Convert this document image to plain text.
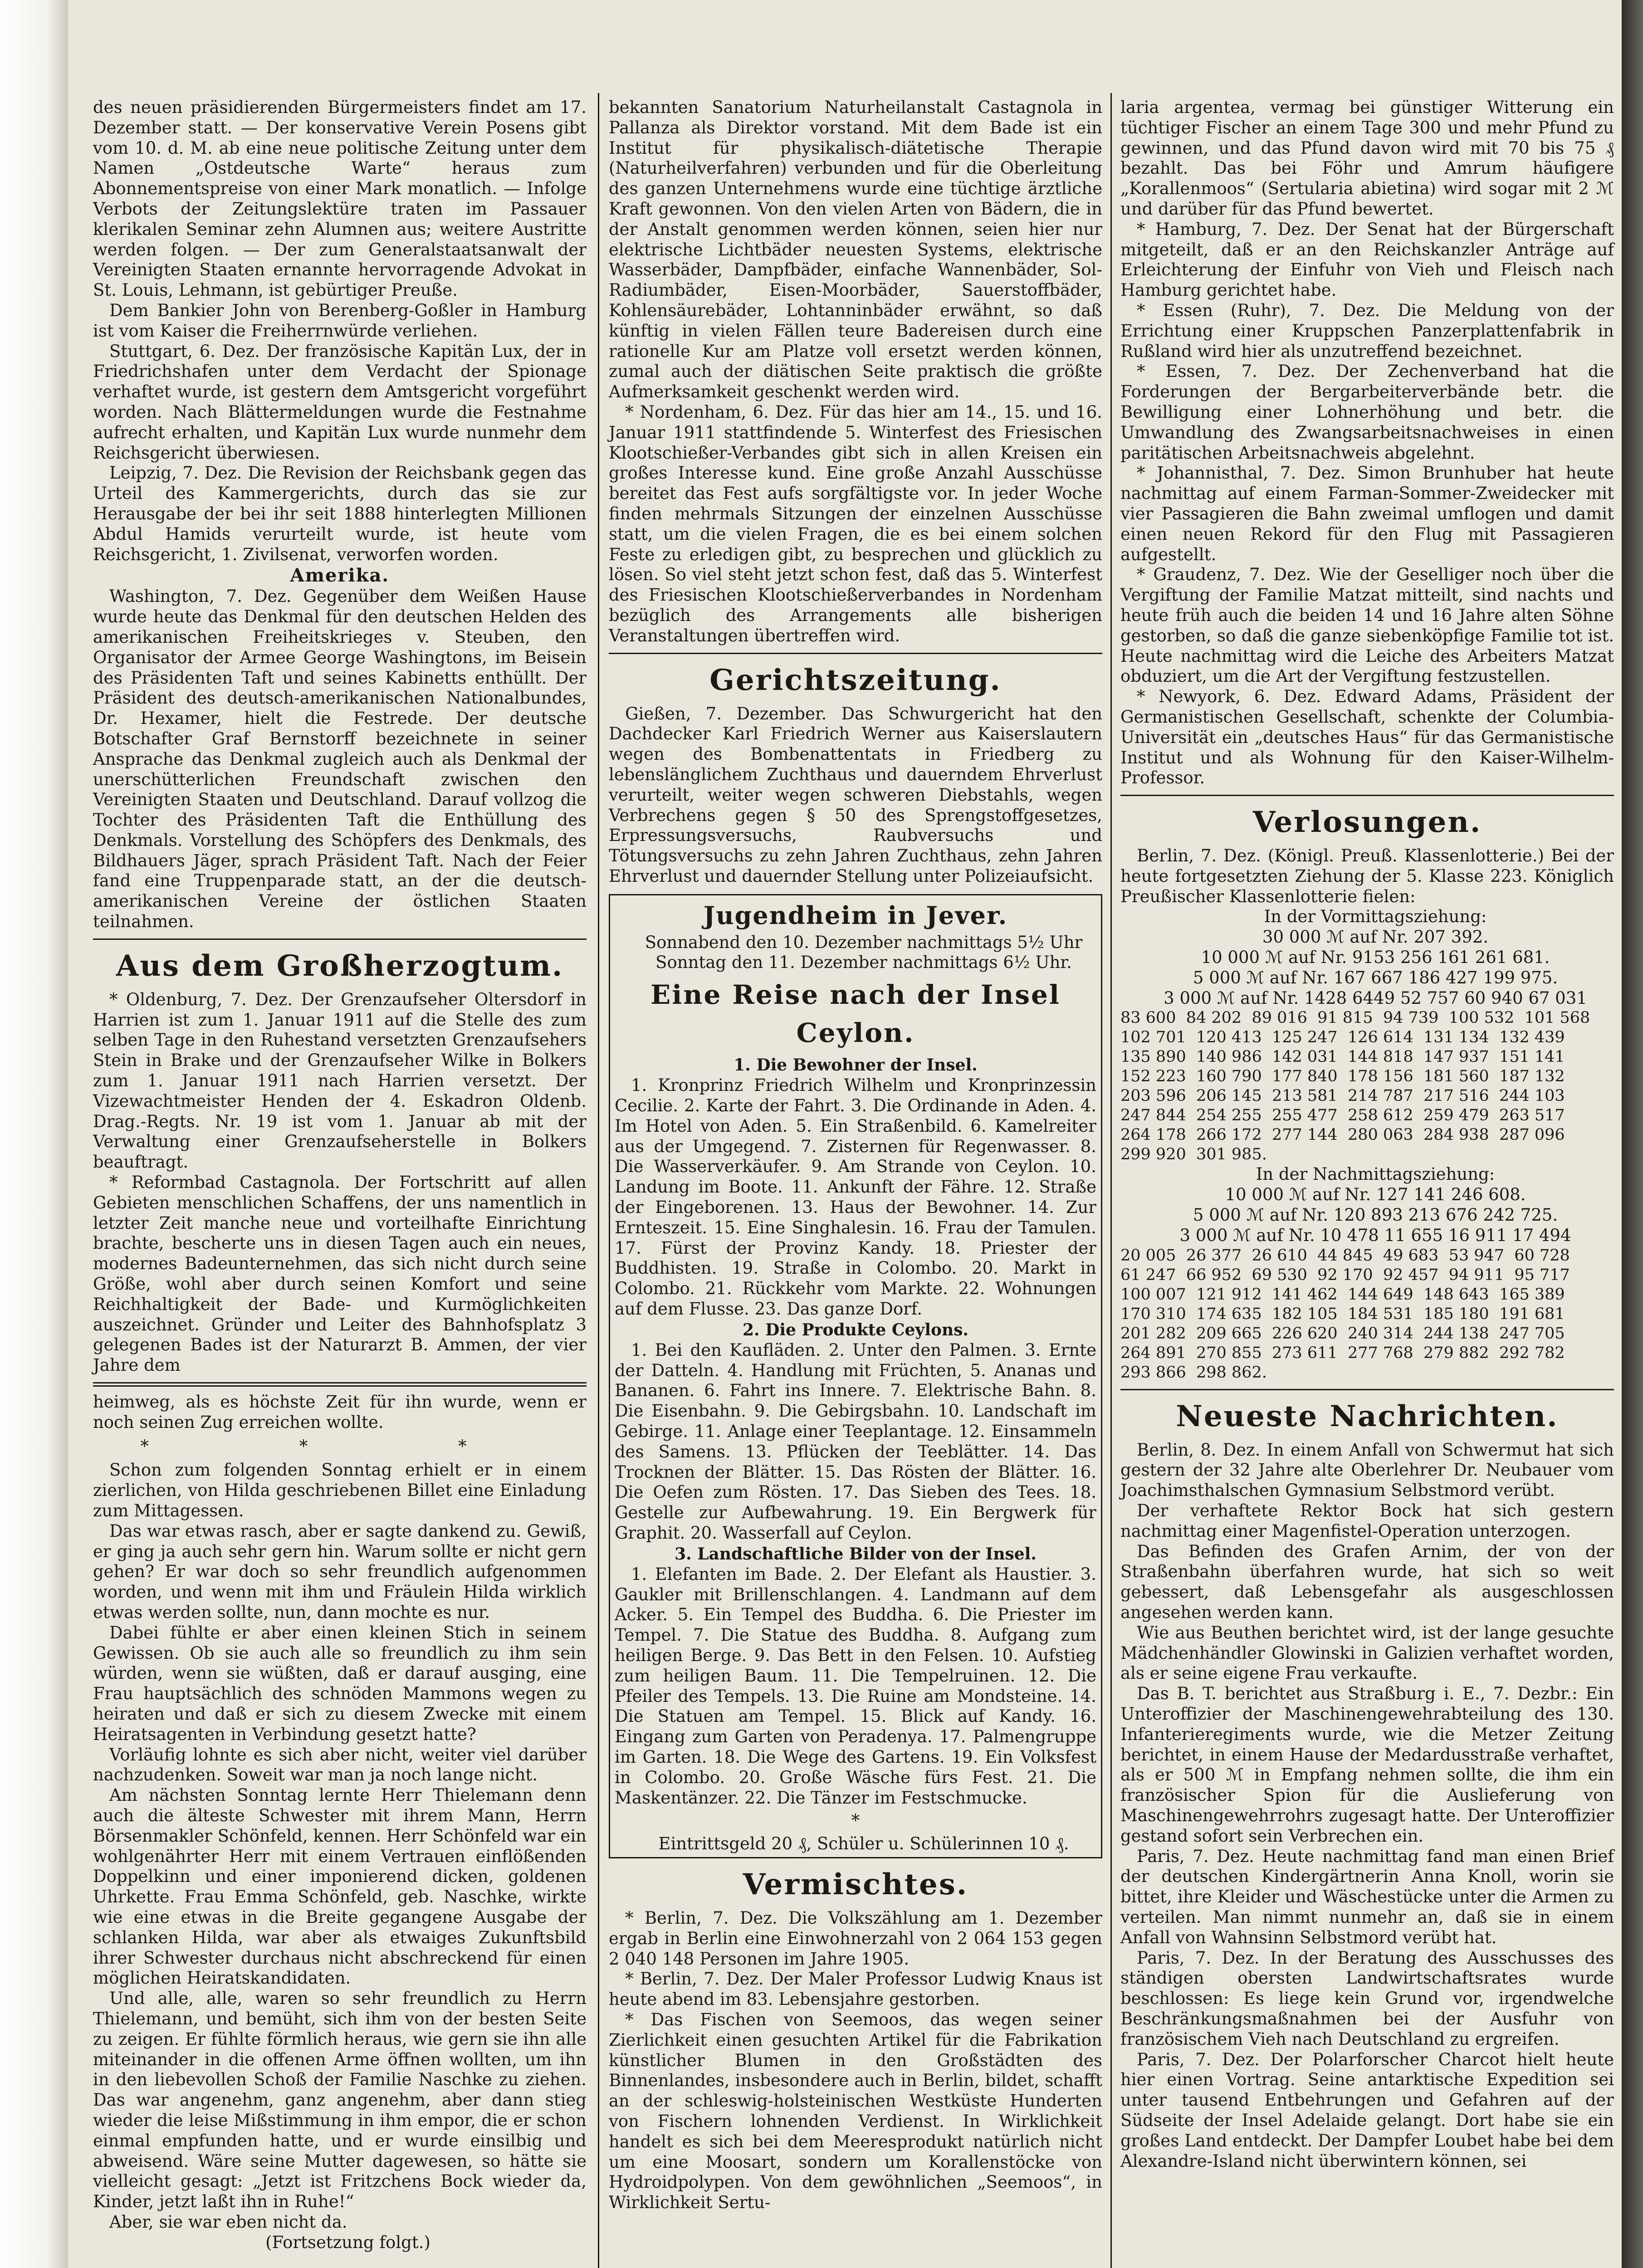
des neuen präsidierenden Bürgermeisters findet am 17. Dezember statt. — Der konservative Verein Posens gibt vom 10. d. M. ab eine neue politische Zeitung unter dem Namen „Ostdeutsche Warte“ heraus zum Abonnementspreise von einer Mark monatlich. — Infolge Verbots der Zeitungslektüre traten im Passauer klerikalen Seminar zehn Alumnen aus; weitere Austritte werden folgen. — Der zum Generalstaatsanwalt der Vereinigten Staaten ernannte hervorragende Advokat in St. Louis, Lehmann, ist gebürtiger Preuße.

Dem Bankier John von Berenberg-Goßler in Hamburg ist vom Kaiser die Freiherrnwürde verliehen.

Stuttgart, 6. Dez. Der französische Kapitän Lux, der in Friedrichshafen unter dem Verdacht der Spionage verhaftet wurde, ist gestern dem Amtsgericht vorgeführt worden. Nach Blättermeldungen wurde die Festnahme aufrecht erhalten, und Kapitän Lux wurde nunmehr dem Reichsgericht überwiesen.

Leipzig, 7. Dez. Die Revision der Reichsbank gegen das Urteil des Kammergerichts, durch das sie zur Herausgabe der bei ihr seit 1888 hinterlegten Millionen Abdul Hamids verurteilt wurde, ist heute vom Reichsgericht, 1. Zivilsenat, verworfen worden.

Amerika.

Washington, 7. Dez. Gegenüber dem Weißen Hause wurde heute das Denkmal für den deutschen Helden des amerikanischen Freiheitskrieges v. Steuben, den Organisator der Armee George Washingtons, im Beisein des Präsidenten Taft und seines Kabinetts enthüllt. Der Präsident des deutsch-amerikanischen Nationalbundes, Dr. Hexamer, hielt die Festrede. Der deutsche Botschafter Graf Bernstorff bezeichnete in seiner Ansprache das Denkmal zugleich auch als Denkmal der unerschütterlichen Freundschaft zwischen den Vereinigten Staaten und Deutschland. Darauf vollzog die Tochter des Präsidenten Taft die Enthüllung des Denkmals. Vorstellung des Schöpfers des Denkmals, des Bildhauers Jäger, sprach Präsident Taft. Nach der Feier fand eine Truppenparade statt, an der die deutsch-amerikanischen Vereine der östlichen Staaten teilnahmen.

Aus dem Großherzogtum.

* Oldenburg, 7. Dez. Der Grenzaufseher Oltersdorf in Harrien ist zum 1. Januar 1911 auf die Stelle des zum selben Tage in den Ruhestand versetzten Grenzaufsehers Stein in Brake und der Grenzaufseher Wilke in Bolkers zum 1. Januar 1911 nach Harrien versetzt. Der Vizewachtmeister Henden der 4. Eskadron Oldenb. Drag.-Regts. Nr. 19 ist vom 1. Januar ab mit der Verwaltung einer Grenzaufseherstelle in Bolkers beauftragt.

* Reformbad Castagnola. Der Fortschritt auf allen Gebieten menschlichen Schaffens, der uns namentlich in letzter Zeit manche neue und vorteilhafte Einrichtung brachte, bescherte uns in diesen Tagen auch ein neues, modernes Badeunternehmen, das sich nicht durch seine Größe, wohl aber durch seinen Komfort und seine Reichhaltigkeit der Bade- und Kurmöglichkeiten auszeichnet. Gründer und Leiter des Bahnhofsplatz 3 gelegenen Bades ist der Naturarzt B. Ammen, der vier Jahre dem

heimweg, als es höchste Zeit für ihn wurde, wenn er noch seinen Zug erreichen wollte.

* * *

Schon zum folgenden Sonntag erhielt er in einem zierlichen, von Hilda geschriebenen Billet eine Einladung zum Mittagessen.

Das war etwas rasch, aber er sagte dankend zu. Gewiß, er ging ja auch sehr gern hin. Warum sollte er nicht gern gehen? Er war doch so sehr freundlich aufgenommen worden, und wenn mit ihm und Fräulein Hilda wirklich etwas werden sollte, nun, dann mochte es nur.

Dabei fühlte er aber einen kleinen Stich in seinem Gewissen. Ob sie auch alle so freundlich zu ihm sein würden, wenn sie wüßten, daß er darauf ausging, eine Frau hauptsächlich des schnöden Mammons wegen zu heiraten und daß er sich zu diesem Zwecke mit einem Heiratsagenten in Verbindung gesetzt hatte?

Vorläufig lohnte es sich aber nicht, weiter viel darüber nachzudenken. Soweit war man ja noch lange nicht.

Am nächsten Sonntag lernte Herr Thielemann denn auch die älteste Schwester mit ihrem Mann, Herrn Börsenmakler Schönfeld, kennen. Herr Schönfeld war ein wohlgenährter Herr mit einem Vertrauen einflößenden Doppelkinn und einer imponierend dicken, goldenen Uhrkette. Frau Emma Schönfeld, geb. Naschke, wirkte wie eine etwas in die Breite gegangene Ausgabe der schlanken Hilda, war aber als etwaiges Zukunftsbild ihrer Schwester durchaus nicht abschreckend für einen möglichen Heiratskandidaten.

Und alle, alle, waren so sehr freundlich zu Herrn Thielemann, und bemüht, sich ihm von der besten Seite zu zeigen. Er fühlte förmlich heraus, wie gern sie ihn alle miteinander in die offenen Arme öffnen wollten, um ihn in den liebevollen Schoß der Familie Naschke zu ziehen. Das war angenehm, ganz angenehm, aber dann stieg wieder die leise Mißstimmung in ihm empor, die er schon einmal empfunden hatte, und er wurde einsilbig und abweisend. Wäre seine Mutter dagewesen, so hätte sie vielleicht gesagt: „Jetzt ist Fritzchens Bock wieder da, Kinder, jetzt laßt ihn in Ruhe!“

Aber, sie war eben nicht da.

(Fortsetzung folgt.)

bekannten Sanatorium Naturheilanstalt Castagnola in Pallanza als Direktor vorstand. Mit dem Bade ist ein Institut für physikalisch-diätetische Therapie (Naturheilverfahren) verbunden und für die Oberleitung des ganzen Unternehmens wurde eine tüchtige ärztliche Kraft gewonnen. Von den vielen Arten von Bädern, die in der Anstalt genommen werden können, seien hier nur elektrische Lichtbäder neuesten Systems, elektrische Wasserbäder, Dampfbäder, einfache Wannenbäder, Sol-Radiumbäder, Eisen-Moorbäder, Sauerstoffbäder, Kohlensäurebäder, Lohtanninbäder erwähnt, so daß künftig in vielen Fällen teure Badereisen durch eine rationelle Kur am Platze voll ersetzt werden können, zumal auch der diätischen Seite praktisch die größte Aufmerksamkeit geschenkt werden wird.

* Nordenham, 6. Dez. Für das hier am 14., 15. und 16. Januar 1911 stattfindende 5. Winterfest des Friesischen Klootschießer-Verbandes gibt sich in allen Kreisen ein großes Interesse kund. Eine große Anzahl Ausschüsse bereitet das Fest aufs sorgfältigste vor. In jeder Woche finden mehrmals Sitzungen der einzelnen Ausschüsse statt, um die vielen Fragen, die es bei einem solchen Feste zu erledigen gibt, zu besprechen und glücklich zu lösen. So viel steht jetzt schon fest, daß das 5. Winterfest des Friesischen Klootschießerverbandes in Nordenham bezüglich des Arrangements alle bisherigen Veranstaltungen übertreffen wird.

Gerichtszeitung.

Gießen, 7. Dezember. Das Schwurgericht hat den Dachdecker Karl Friedrich Werner aus Kaiserslautern wegen des Bombenattentats in Friedberg zu lebenslänglichem Zuchthaus und dauerndem Ehrverlust verurteilt, weiter wegen schweren Diebstahls, wegen Verbrechens gegen § 50 des Sprengstoffgesetzes, Erpressungsversuchs, Raubversuchs und Tötungsversuchs zu zehn Jahren Zuchthaus, zehn Jahren Ehrverlust und dauernder Stellung unter Polizeiaufsicht.

Jugendheim in Jever.

Sonnabend den 10. Dezember nachmittags 5½ Uhr

Sonntag den 11. Dezember nachmittags 6½ Uhr.

Eine Reise nach der Insel Ceylon.
1. Die Bewohner der Insel.

1. Kronprinz Friedrich Wilhelm und Kronprinzessin Cecilie. 2. Karte der Fahrt. 3. Die Ordinande in Aden. 4. Im Hotel von Aden. 5. Ein Straßenbild. 6. Kamelreiter aus der Umgegend. 7. Zisternen für Regenwasser. 8. Die Wasserverkäufer. 9. Am Strande von Ceylon. 10. Landung im Boote. 11. Ankunft der Fähre. 12. Straße der Eingeborenen. 13. Haus der Bewohner. 14. Zur Ernteszeit. 15. Eine Singhalesin. 16. Frau der Tamulen. 17. Fürst der Provinz Kandy. 18. Priester der Buddhisten. 19. Straße in Colombo. 20. Markt in Colombo. 21. Rückkehr vom Markte. 22. Wohnungen auf dem Flusse. 23. Das ganze Dorf.

2. Die Produkte Ceylons.

1. Bei den Kaufläden. 2. Unter den Palmen. 3. Ernte der Datteln. 4. Handlung mit Früchten, 5. Ananas und Bananen. 6. Fahrt ins Innere. 7. Elektrische Bahn. 8. Die Eisenbahn. 9. Die Gebirgsbahn. 10. Landschaft im Gebirge. 11. Anlage einer Teeplantage. 12. Einsammeln des Samens. 13. Pflücken der Teeblätter. 14. Das Trocknen der Blätter. 15. Das Rösten der Blätter. 16. Die Oefen zum Rösten. 17. Das Sieben des Tees. 18. Gestelle zur Aufbewahrung. 19. Ein Bergwerk für Graphit. 20. Wasserfall auf Ceylon.

3. Landschaftliche Bilder von der Insel.

1. Elefanten im Bade. 2. Der Elefant als Haustier. 3. Gaukler mit Brillenschlangen. 4. Landmann auf dem Acker. 5. Ein Tempel des Buddha. 6. Die Priester im Tempel. 7. Die Statue des Buddha. 8. Aufgang zum heiligen Berge. 9. Das Bett in den Felsen. 10. Aufstieg zum heiligen Baum. 11. Die Tempelruinen. 12. Die Pfeiler des Tempels. 13. Die Ruine am Mondsteine. 14. Die Statuen am Tempel. 15. Blick auf Kandy. 16. Eingang zum Garten von Peradenya. 17. Palmengruppe im Garten. 18. Die Wege des Gartens. 19. Ein Volksfest in Colombo. 20. Große Wäsche fürs Fest. 21. Die Maskentänzer. 22. Die Tänzer im Festschmucke.

*

Eintrittsgeld 20 ₰, Schüler u. Schülerinnen 10 ₰.

Vermischtes.

* Berlin, 7. Dez. Die Volkszählung am 1. Dezember ergab in Berlin eine Einwohnerzahl von 2 064 153 gegen 2 040 148 Personen im Jahre 1905.

* Berlin, 7. Dez. Der Maler Professor Ludwig Knaus ist heute abend im 83. Lebensjahre gestorben.

* Das Fischen von Seemoos, das wegen seiner Zierlichkeit einen gesuchten Artikel für die Fabrikation künstlicher Blumen in den Großstädten des Binnenlandes, insbesondere auch in Berlin, bildet, schafft an der schleswig-holsteinischen Westküste Hunderten von Fischern lohnenden Verdienst. In Wirklichkeit handelt es sich bei dem Meeresprodukt natürlich nicht um eine Moosart, sondern um Korallenstöcke von Hydroidpolypen. Von dem gewöhnlichen „Seemoos“, in Wirklichkeit Sertu-

laria argentea, vermag bei günstiger Witterung ein tüchtiger Fischer an einem Tage 300 und mehr Pfund zu gewinnen, und das Pfund davon wird mit 70 bis 75 ₰ bezahlt. Das bei Föhr und Amrum häufigere „Korallenmoos“ (Sertularia abietina) wird sogar mit 2 ℳ und darüber für das Pfund bewertet.

* Hamburg, 7. Dez. Der Senat hat der Bürgerschaft mitgeteilt, daß er an den Reichskanzler Anträge auf Erleichterung der Einfuhr von Vieh und Fleisch nach Hamburg gerichtet habe.

* Essen (Ruhr), 7. Dez. Die Meldung von der Errichtung einer Kruppschen Panzerplattenfabrik in Rußland wird hier als unzutreffend bezeichnet.

* Essen, 7. Dez. Der Zechenverband hat die Forderungen der Bergarbeiterverbände betr. die Bewilligung einer Lohnerhöhung und betr. die Umwandlung des Zwangsarbeitsnachweises in einen paritätischen Arbeitsnachweis abgelehnt.

* Johannisthal, 7. Dez. Simon Brunhuber hat heute nachmittag auf einem Farman-Sommer-Zweidecker mit vier Passagieren die Bahn zweimal umflogen und damit einen neuen Rekord für den Flug mit Passagieren aufgestellt.

* Graudenz, 7. Dez. Wie der Geselliger noch über die Vergiftung der Familie Matzat mitteilt, sind nachts und heute früh auch die beiden 14 und 16 Jahre alten Söhne gestorben, so daß die ganze siebenköpfige Familie tot ist. Heute nachmittag wird die Leiche des Arbeiters Matzat obduziert, um die Art der Vergiftung festzustellen.

* Newyork, 6. Dez. Edward Adams, Präsident der Germanistischen Gesellschaft, schenkte der Columbia-Universität ein „deutsches Haus“ für das Germanistische Institut und als Wohnung für den Kaiser-Wilhelm-Professor.

Verlosungen.

Berlin, 7. Dez. (Königl. Preuß. Klassenlotterie.) Bei der heute fortgesetzten Ziehung der 5. Klasse 223. Königlich Preußischer Klassenlotterie fielen:

In der Vormittagsziehung:

30 000 ℳ auf Nr. 207 392.

10 000 ℳ auf Nr. 9153 256 161 261 681.

5 000 ℳ auf Nr. 167 667 186 427 199 975.

3 000 ℳ auf Nr. 1428 6449 52 757 60 940 67 031

83 600  84 202  89 016  91 815  94 739  100 532  101 568
102 701  120 413  125 247  126 614  131 134  132 439
135 890  140 986  142 031  144 818  147 937  151 141
152 223  160 790  177 840  178 156  181 560  187 132
203 596  206 145  213 581  214 787  217 516  244 103
247 844  254 255  255 477  258 612  259 479  263 517
264 178  266 172  277 144  280 063  284 938  287 096
299 920  301 985.

In der Nachmittagsziehung:

10 000 ℳ auf Nr. 127 141 246 608.

5 000 ℳ auf Nr. 120 893 213 676 242 725.

3 000 ℳ auf Nr. 10 478 11 655 16 911 17 494

20 005  26 377  26 610  44 845  49 683  53 947  60 728
61 247  66 952  69 530  92 170  92 457  94 911  95 717
100 007  121 912  141 462  144 649  148 643  165 389
170 310  174 635  182 105  184 531  185 180  191 681
201 282  209 665  226 620  240 314  244 138  247 705
264 891  270 855  273 611  277 768  279 882  292 782
293 866  298 862.

Neueste Nachrichten.

Berlin, 8. Dez. In einem Anfall von Schwermut hat sich gestern der 32 Jahre alte Oberlehrer Dr. Neubauer vom Joachimsthalschen Gymnasium Selbstmord verübt.

Der verhaftete Rektor Bock hat sich gestern nachmittag einer Magenfistel-Operation unterzogen.

Das Befinden des Grafen Arnim, der von der Straßenbahn überfahren wurde, hat sich so weit gebessert, daß Lebensgefahr als ausgeschlossen angesehen werden kann.

Wie aus Beuthen berichtet wird, ist der lange gesuchte Mädchenhändler Glowinski in Galizien verhaftet worden, als er seine eigene Frau verkaufte.

Das B. T. berichtet aus Straßburg i. E., 7. Dezbr.: Ein Unteroffizier der Maschinengewehrabteilung des 130. Infanterieregiments wurde, wie die Metzer Zeitung berichtet, in einem Hause der Medardusstraße verhaftet, als er 500 ℳ in Empfang nehmen sollte, die ihm ein französischer Spion für die Auslieferung von Maschinengewehrrohrs zugesagt hatte. Der Unteroffizier gestand sofort sein Verbrechen ein.

Paris, 7. Dez. Heute nachmittag fand man einen Brief der deutschen Kindergärtnerin Anna Knoll, worin sie bittet, ihre Kleider und Wäschestücke unter die Armen zu verteilen. Man nimmt nunmehr an, daß sie in einem Anfall von Wahnsinn Selbstmord verübt hat.

Paris, 7. Dez. In der Beratung des Ausschusses des ständigen obersten Landwirtschaftsrates wurde beschlossen: Es liege kein Grund vor, irgendwelche Beschränkungsmaßnahmen bei der Ausfuhr von französischem Vieh nach Deutschland zu ergreifen.

Paris, 7. Dez. Der Polarforscher Charcot hielt heute hier einen Vortrag. Seine antarktische Expedition sei unter tausend Entbehrungen und Gefahren auf der Südseite der Insel Adelaide gelangt. Dort habe sie ein großes Land entdeckt. Der Dampfer Loubet habe bei dem Alexandre-Island nicht überwintern können, sei
